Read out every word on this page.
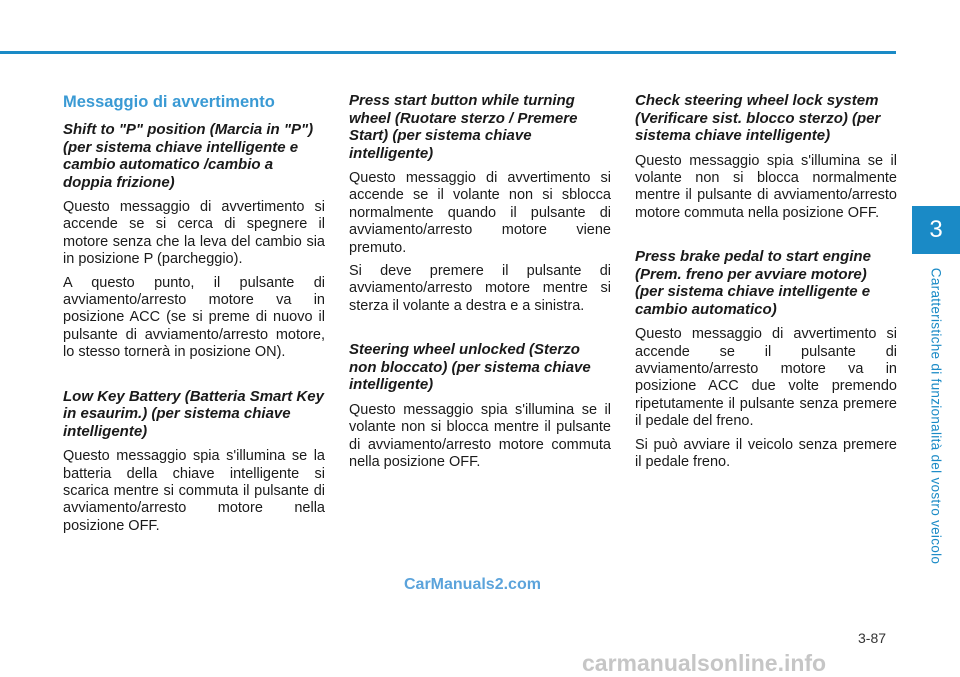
Messaggio di avvertimento
Shift to "P" position (Marcia in "P") (per sistema chiave intelligente e cambio automatico /cambio a doppia frizione)

Questo messaggio di avvertimento si accende se si cerca di spegnere il motore senza che la leva del cambio sia in posizione P (parcheggio).

A questo punto, il pulsante di avviamento/arresto motore va in posizione ACC (se si preme di nuovo il pulsante di avviamento/arresto motore, lo stesso tornerà in posizione ON).

Low Key Battery (Batteria Smart Key in esaurim.) (per sistema chiave intelligente)

Questo messaggio spia s'illumina se la batteria della chiave intelligente si scarica mentre si commuta il pulsante di avviamento/arresto motore nella posizione OFF.

Press start button while turning wheel (Ruotare sterzo / Premere Start) (per sistema chiave intelligente)

Questo messaggio di avvertimento si accende se il volante non si sblocca normalmente quando il pulsante di avviamento/arresto motore viene premuto.

Si deve premere il pulsante di avviamento/arresto motore mentre si sterza il volante a destra e a sinistra.

Steering wheel unlocked (Sterzo non bloccato) (per sistema chiave intelligente)

Questo messaggio spia s'illumina se il volante non si blocca mentre il pulsante di avviamento/arresto motore commuta nella posizione OFF.

Check steering wheel lock system (Verificare sist. blocco sterzo) (per sistema chiave intelligente)

Questo messaggio spia s'illumina se il volante non si blocca normalmente mentre il pulsante di avviamento/arresto motore commuta nella posizione OFF.

Press brake pedal to start engine (Prem. freno per avviare motore) (per sistema chiave intelligente e cambio automatico)

Questo messaggio di avvertimento si accende se il pulsante di avviamento/arresto motore va in posizione ACC due volte premendo ripetutamente il pulsante senza premere il pedale del freno.

Si può avviare il veicolo senza premere il pedale freno.

3
Caratteristiche di funzionalità del vostro veicolo
3-87
CarManuals2.com
carmanualsonline.info
